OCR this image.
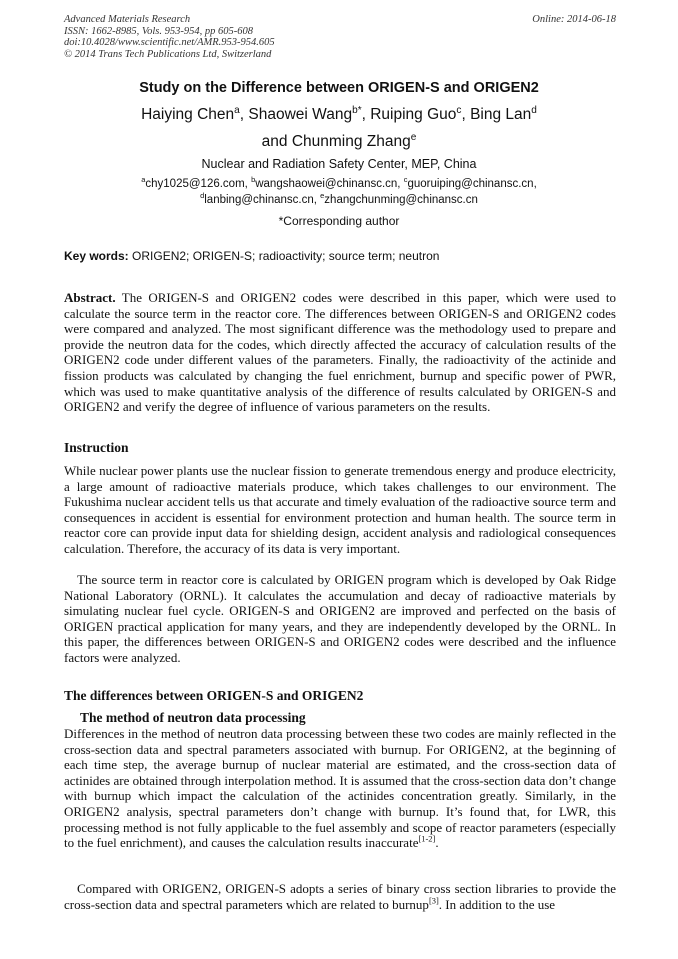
Advanced Materials Research
ISSN: 1662-8985, Vols. 953-954, pp 605-608
doi:10.4028/www.scientific.net/AMR.953-954.605
© 2014 Trans Tech Publications Ltd, Switzerland
Online: 2014-06-18
Study on the Difference between ORIGEN-S and ORIGEN2
Haiying Chen$^a$, Shaowei Wang$^{b*}$, Ruiping Guo$^c$, Bing Lan$^d$
and Chunming Zhang$^e$
Nuclear and Radiation Safety Center, MEP, China
$^a$chy1025@126.com, $^b$wangshaowei@chinansc.cn, $^c$guoruiping@chinansc.cn,
$^d$lanbing@chinansc.cn, $^e$zhangchunming@chinansc.cn
*Corresponding author
Key words: ORIGEN2; ORIGEN-S; radioactivity; source term; neutron
Abstract. The ORIGEN-S and ORIGEN2 codes were described in this paper, which were used to calculate the source term in the reactor core. The differences between ORIGEN-S and ORIGEN2 codes were compared and analyzed. The most significant difference was the methodology used to prepare and provide the neutron data for the codes, which directly affected the accuracy of calculation results of the ORIGEN2 code under different values of the parameters. Finally, the radioactivity of the actinide and fission products was calculated by changing the fuel enrichment, burnup and specific power of PWR, which was used to make quantitative analysis of the difference of results calculated by ORIGEN-S and ORIGEN2 and verify the degree of influence of various parameters on the results.
Instruction
While nuclear power plants use the nuclear fission to generate tremendous energy and produce electricity, a large amount of radioactive materials produce, which takes challenges to our environment. The Fukushima nuclear accident tells us that accurate and timely evaluation of the radioactive source term and consequences in accident is essential for environment protection and human health. The source term in reactor core can provide input data for shielding design, accident analysis and radiological consequences calculation. Therefore, the accuracy of its data is very important.
The source term in reactor core is calculated by ORIGEN program which is developed by Oak Ridge National Laboratory (ORNL). It calculates the accumulation and decay of radioactive materials by simulating nuclear fuel cycle. ORIGEN-S and ORIGEN2 are improved and perfected on the basis of ORIGEN practical application for many years, and they are independently developed by the ORNL. In this paper, the differences between ORIGEN-S and ORIGEN2 codes were described and the influence factors were analyzed.
The differences between ORIGEN-S and ORIGEN2
The method of neutron data processing
Differences in the method of neutron data processing between these two codes are mainly reflected in the cross-section data and spectral parameters associated with burnup. For ORIGEN2, at the beginning of each time step, the average burnup of nuclear material are estimated, and the cross-section data of actinides are obtained through interpolation method. It is assumed that the cross-section data don’t change with burnup which impact the calculation of the actinides concentration greatly. Similarly, in the ORIGEN2 analysis, spectral parameters don’t change with burnup. It’s found that, for LWR, this processing method is not fully applicable to the fuel assembly and scope of reactor parameters (especially to the fuel enrichment), and causes the calculation results inaccurate[1-2].
Compared with ORIGEN2, ORIGEN-S adopts a series of binary cross section libraries to provide the cross-section data and spectral parameters which are related to burnup[3]. In addition to the use
